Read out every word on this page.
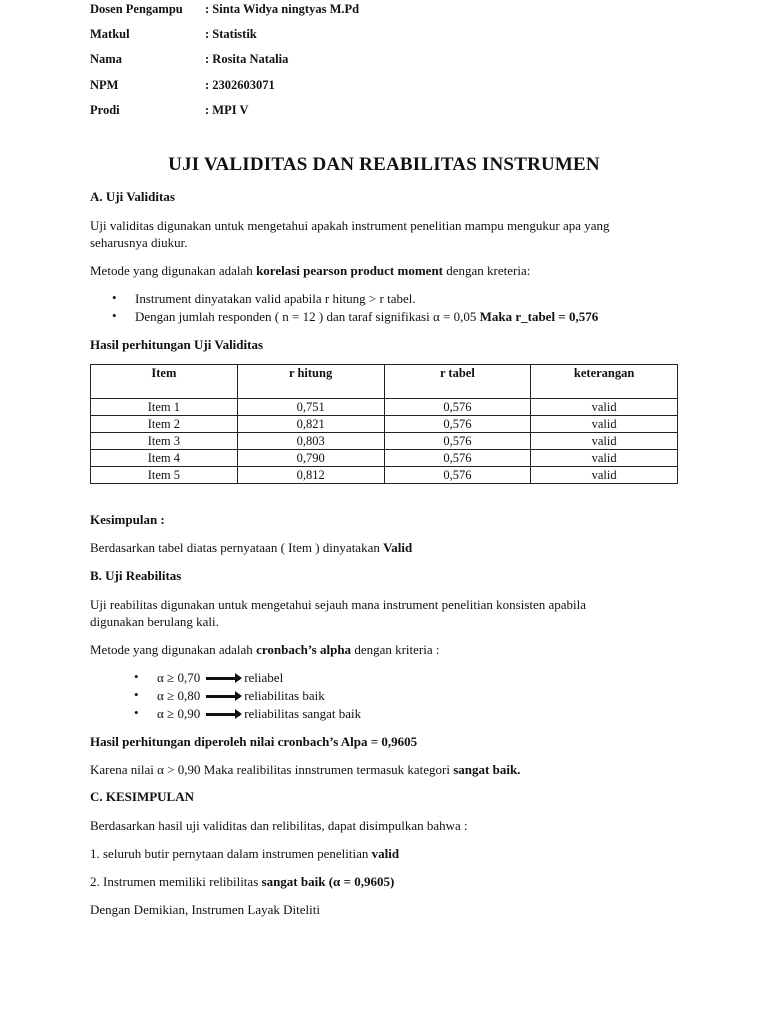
Dosen Pengampu : Sinta Widya ningtyas M.Pd
Matkul	: Statistik
Nama	: Rosita Natalia
NPM	: 2302603071
Prodi	: MPI V
UJI VALIDITAS DAN REABILITAS INSTRUMEN
A. Uji Validitas
Uji validitas digunakan untuk mengetahui apakah instrument penelitian mampu mengukur apa yang
seharusnya diukur.
Metode yang digunakan adalah korelasi pearson product moment dengan kreteria:
• Instrument dinyatakan valid apabila r hitung > r tabel.
• Dengan jumlah responden ( n = 12 ) dan taraf signifikasi α = 0,05 Maka r_tabel = 0,576
Hasil perhitungan Uji Validitas
Item	r hitung	r tabel	keterangan
Item 1	0,751	0,576	valid
Item 2	0,821	0,576	valid
Item 3	0,803	0,576	valid
Item 4	0,790	0,576	valid
Item 5	0,812	0,576	valid
Kesimpulan :
Berdasarkan tabel diatas pernyataan ( Item ) dinyatakan Valid
B. Uji Reabilitas
Uji reabilitas digunakan untuk mengetahui sejauh mana instrument penelitian konsisten apabila
digunakan berulang kali.
Metode yang digunakan adalah cronbach’s alpha dengan kriteria :
• α ≥ 0,70	reliabel
• α ≥ 0,80	reliabilitas baik
• α ≥ 0,90	reliabilitas sangat baik
Hasil perhitungan diperoleh nilai cronbach’s Alpa = 0,9605
Karena nilai α > 0,90 Maka realibilitas innstrumen termasuk kategori sangat baik.
C. KESIMPULAN
Berdasarkan hasil uji validitas dan relibilitas, dapat disimpulkan bahwa :
1. seluruh butir pernytaan dalam instrumen penelitian valid
2. Instrumen memiliki relibilitas sangat baik (α = 0,9605)
Dengan Demikian, Instrumen Layak Diteliti
